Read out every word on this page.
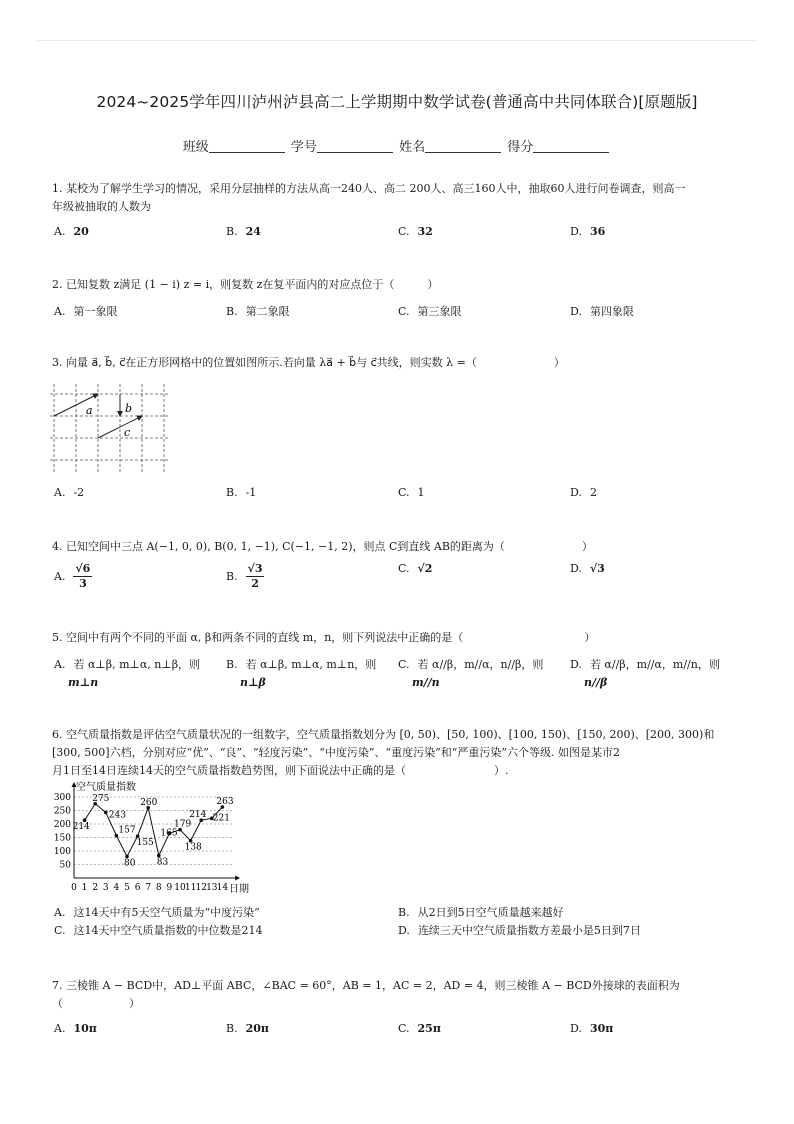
2024~2025学年四川泸州泸县高二上学期期中数学试卷(普通高中共同体联合)[原题版]
班级	学号	姓名	得分
1. 某校为了解学生学习的情况，采用分层抽样的方法从高一240人、高二 200人、高三160人中，抽取60人进行问卷调查，则高一
年级被抽取的人数为
A. 20	B. 24	C. 32	D. 36
2. 已知复数 z满足 (1 − i) z = i，则复数 z在复平面内的对应点位于（　　　）
A. 第一象限	B. 第二象限	C. 第三象限	D. 第四象限
3. 向量 a⃗, b⃗, c⃗在正方形网格中的位置如图所示.若向量 λa⃗ + b⃗与 c⃗共线，则实数 λ =（　　　　　　　）
a	b
c
A. -2	B. -1	C. 1	D. 2
4. 已知空间中三点 A(−1, 0, 0), B(0, 1, −1), C(−1, −1, 2)，则点 C到直线 AB的距离为（　　　　　　　）
A. $\frac{√6}{3}$	B. $\frac{√3}{2}$	C. √2	D. √3
5. 空间中有两个不同的平面 α, β和两条不同的直线 m，n，则下列说法中正确的是（　　　　　　　　　　　）
A. 若 α⊥β, m⊥α, n⊥β，则
m⊥n
B. 若 α⊥β, m⊥α, m⊥n，则
n⊥β
C. 若 α//β，m//α，n//β，则
m//n
D. 若 α//β，m//α，m//n，则
n//β
6. 空气质量指数是评估空气质量状况的一组数字，空气质量指数划分为 [0, 50)、[50, 100)、[100, 150)、[150, 200)、[200, 300)和
[300, 500]六档，分别对应“优”、“良”、“轻度污染”、“中度污染”、“重度污染”和“严重污染”六个等级. 如图是某市2
月1日至14日连续14天的空气质量指数趋势图，则下面说法中正确的是（　　　　　　　　）.
50
100
150
200
250
300
0 1 2 3 4 5 6 7 8 9 10 11 12 13 14
214
275
243
157
80
155
260
83
165
179
138
214 221
263
空气质量指数
日期
A. 这14天中有5天空气质量为“中度污染”	B. 从2日到5日空气质量越来越好
C. 这14天中空气质量指数的中位数是214	D. 连续三天中空气质量指数方差最小是5日到7日
7. 三棱锥 A − BCD中，AD⊥平面 ABC，∠BAC = 60°，AB = 1，AC = 2，AD = 4，则三棱锥 A − BCD外接球的表面积为
（　　　　　　）
A. 10π	B. 20π	C. 25π	D. 30π
